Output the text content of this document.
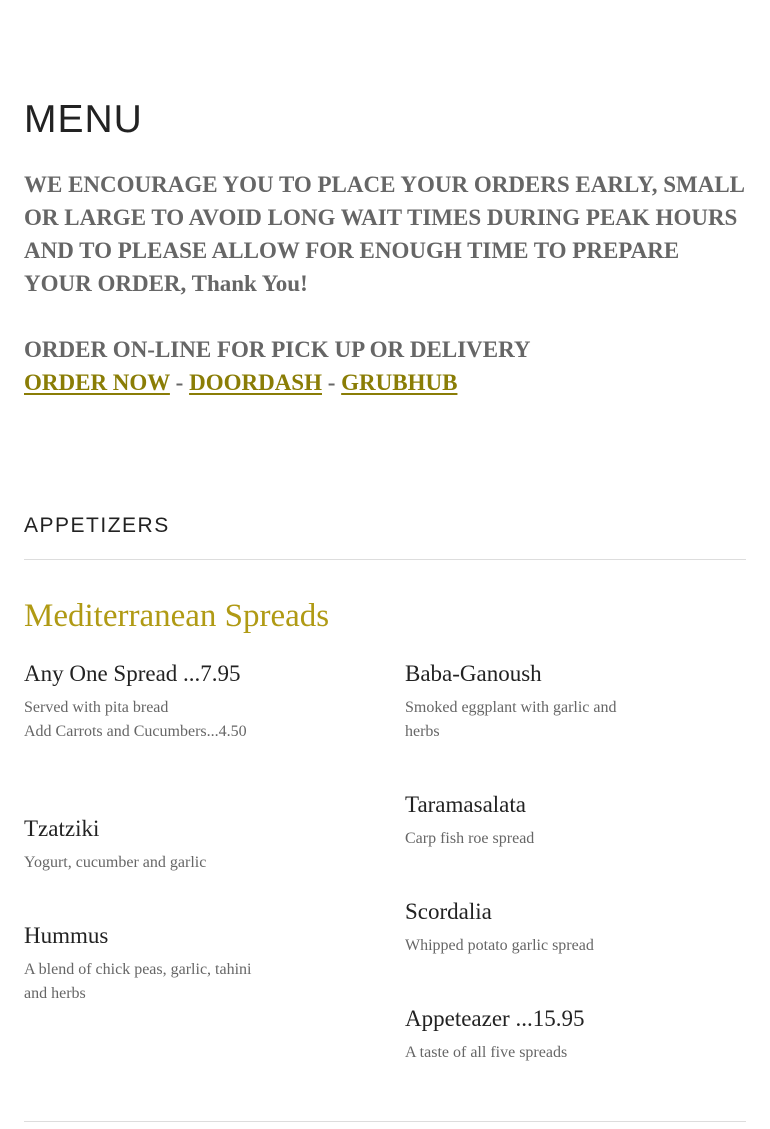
MENU

WE ENCOURAGE YOU TO PLACE YOUR ORDERS EARLY, SMALL OR LARGE TO AVOID LONG WAIT TIMES DURING PEAK HOURS AND TO PLEASE ALLOW FOR ENOUGH TIME TO PREPARE YOUR ORDER, Thank You!

ORDER ON-LINE FOR PICK UP OR DELIVERY
ORDER NOW - DOORDASH - GRUBHUB
APPETIZERS
Mediterranean Spreads

Any One Spread ...7.95

Served with pita bread
Add Carrots and Cucumbers...4.50

Tzatziki

Yogurt, cucumber and garlic

Hummus

A blend of chick peas, garlic, tahini and herbs

Baba-Ganoush

Smoked eggplant with garlic and herbs

Taramasalata

Carp fish roe spread

Scordalia

Whipped potato garlic spread

Appeteazer ...15.95

A taste of all five spreads
